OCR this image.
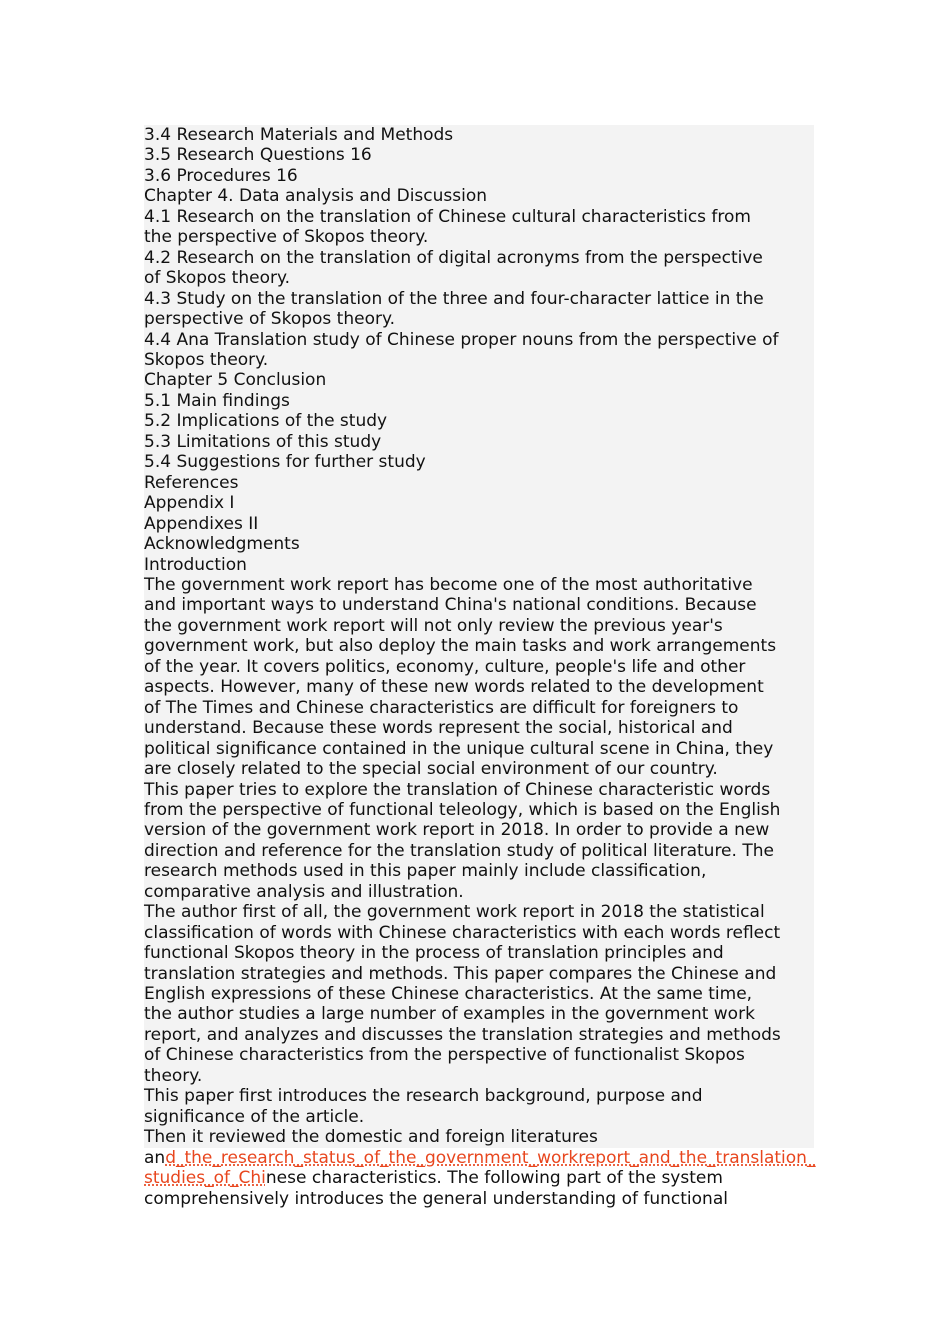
3.4 Research Materials and Methods
3.5 Research Questions 16
3.6 Procedures 16
Chapter 4. Data analysis and Discussion
4.1 Research on the translation of Chinese cultural characteristics from
the perspective of Skopos theory.
4.2 Research on the translation of digital acronyms from the perspective
of Skopos theory.
4.3 Study on the translation of the three and four-character lattice in the
perspective of Skopos theory.
4.4 Ana Translation study of Chinese proper nouns from the perspective of
Skopos theory.
Chapter 5 Conclusion
5.1 Main findings
5.2 Implications of the study
5.3 Limitations of this study
5.4 Suggestions for further study
References
Appendix I
Appendixes II
Acknowledgments
Introduction
The government work report has become one of the most authoritative
and important ways to understand China's national conditions. Because
the government work report will not only review the previous year's
government work, but also deploy the main tasks and work arrangements
of the year. It covers politics, economy, culture, people's life and other
aspects. However, many of these new words related to the development
of The Times and Chinese characteristics are difficult for foreigners to
understand. Because these words represent the social, historical and
political significance contained in the unique cultural scene in China, they
are closely related to the special social environment of our country.
This paper tries to explore the translation of Chinese characteristic words
from the perspective of functional teleology, which is based on the English
version of the government work report in 2018. In order to provide a new
direction and reference for the translation study of political literature. The
research methods used in this paper mainly include classification,
comparative analysis and illustration.
The author first of all, the government work report in 2018 the statistical
classification of words with Chinese characteristics with each words reflect
functional Skopos theory in the process of translation principles and
translation strategies and methods. This paper compares the Chinese and
English expressions of these Chinese characteristics. At the same time,
the author studies a large number of examples in the government work
report, and analyzes and discusses the translation strategies and methods
of Chinese characteristics from the perspective of functionalist Skopos
theory.
This paper first introduces the research background, purpose and
significance of the article.
Then it reviewed the domestic and foreign literatures
and_the_research_status_of_the_government_workreport_and_the_translation_
studies_of_Chinese characteristics. The following part of the system
comprehensively introduces the general understanding of functional
